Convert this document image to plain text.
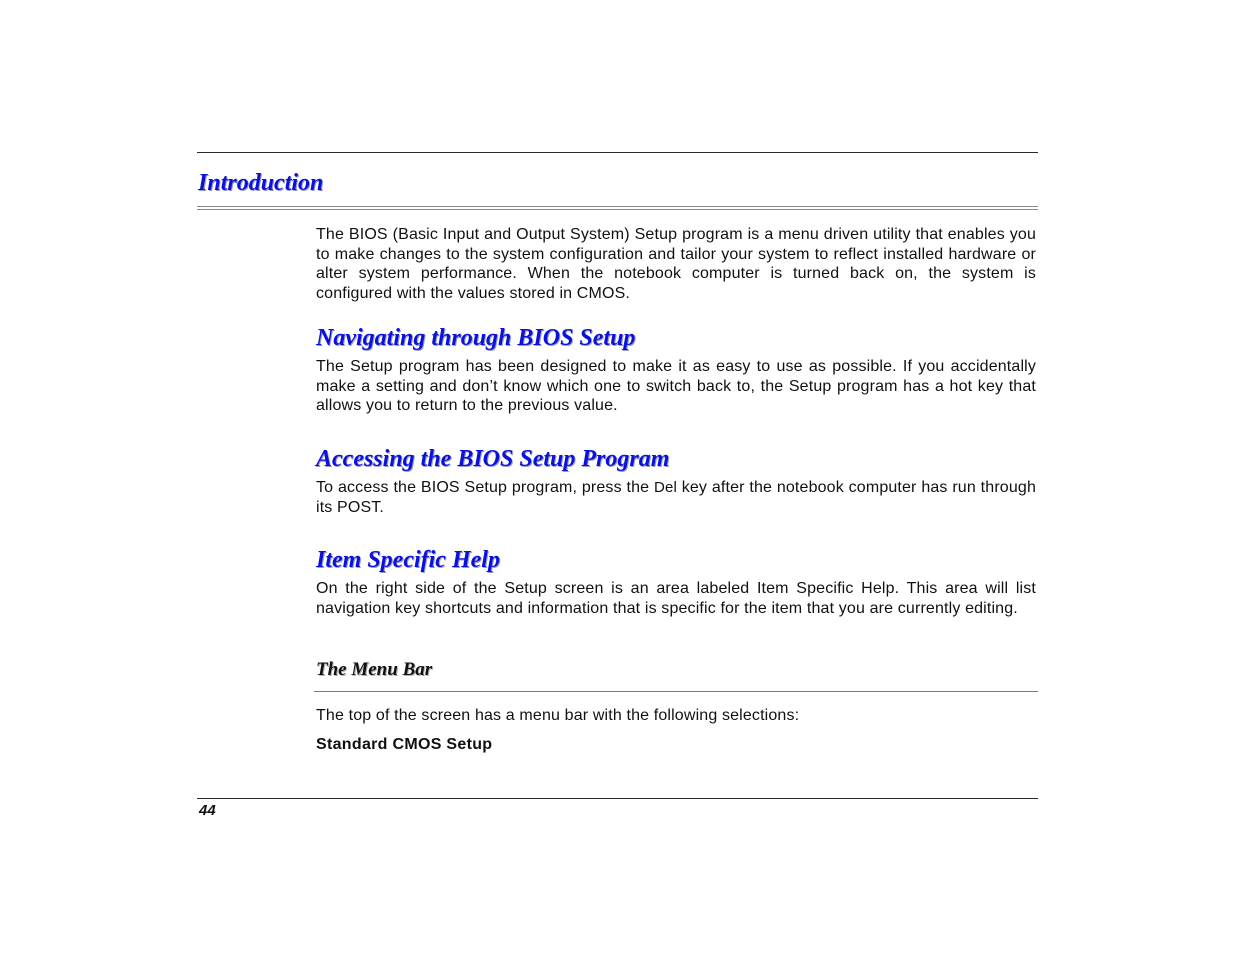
Introduction

The BIOS (Basic Input and Output System) Setup program is a menu driven utility that enables you to make changes to the system configuration and tailor your system to reflect installed hardware or alter system performance. When the notebook computer is turned back on, the system is configured with the values stored in CMOS.

Navigating through BIOS Setup

The Setup program has been designed to make it as easy to use as possible. If you accidentally make a setting and don’t know which one to switch back to, the Setup program has a hot key that allows you to return to the previous value.

Accessing the BIOS Setup Program

To access the BIOS Setup program, press the Del key after the notebook computer has run through its POST.

Item Specific Help

On the right side of the Setup screen is an area labeled Item Specific Help. This area will list navigation key shortcuts and information that is specific for the item that you are currently editing.

The Menu Bar

The top of the screen has a menu bar with the following selections:

Standard CMOS Setup

44
